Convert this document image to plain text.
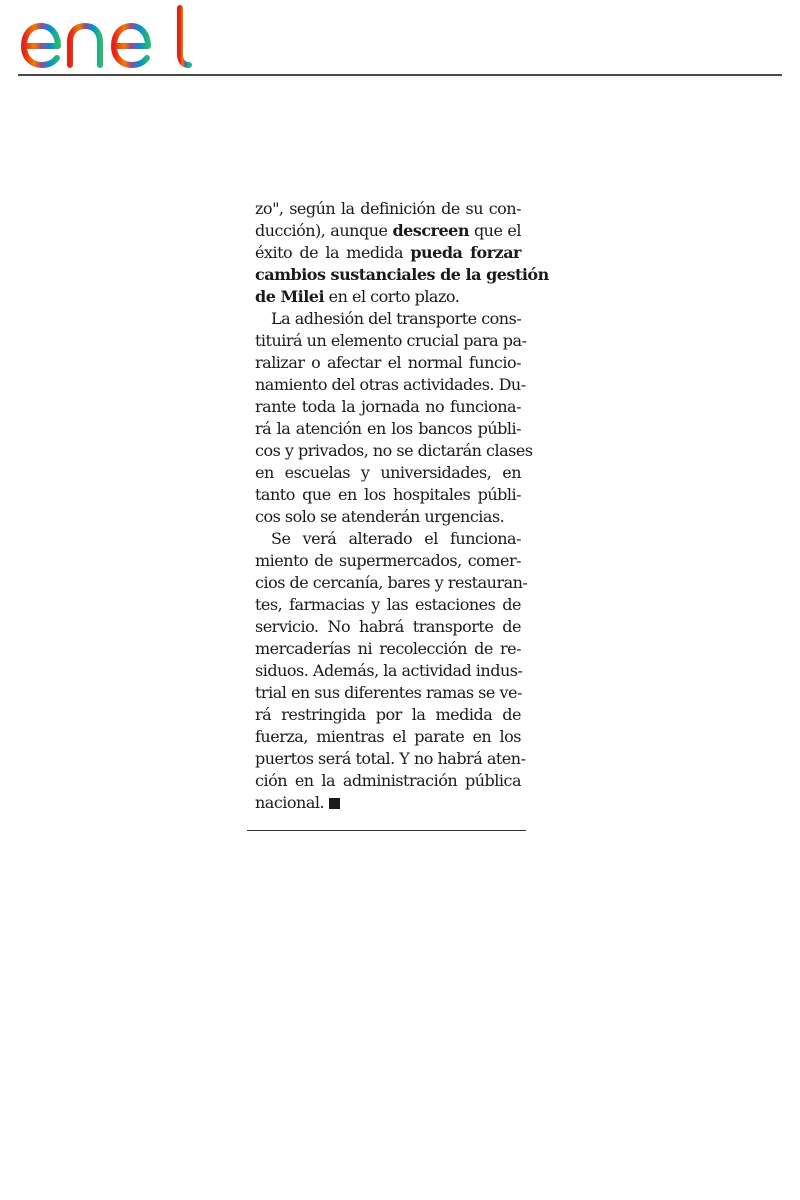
zo", según la definición de su con-
ducción), aunque descreen que el
éxito de la medida pueda forzar
cambios sustanciales de la gestión
de Milei en el corto plazo.
La adhesión del transporte cons-
tituirá un elemento crucial para pa-
ralizar o afectar el normal funcio-
namiento del otras actividades. Du-
rante toda la jornada no funciona-
rá la atención en los bancos públi-
cos y privados, no se dictarán clases
en escuelas y universidades, en
tanto que en los hospitales públi-
cos solo se atenderán urgencias.
Se verá alterado el funciona-
miento de supermercados, comer-
cios de cercanía, bares y restauran-
tes, farmacias y las estaciones de
servicio. No habrá transporte de
mercaderías ni recolección de re-
siduos. Además, la actividad indus-
trial en sus diferentes ramas se ve-
rá restringida por la medida de
fuerza, mientras el parate en los
puertos será total. Y no habrá aten-
ción en la administración pública
nacional.
